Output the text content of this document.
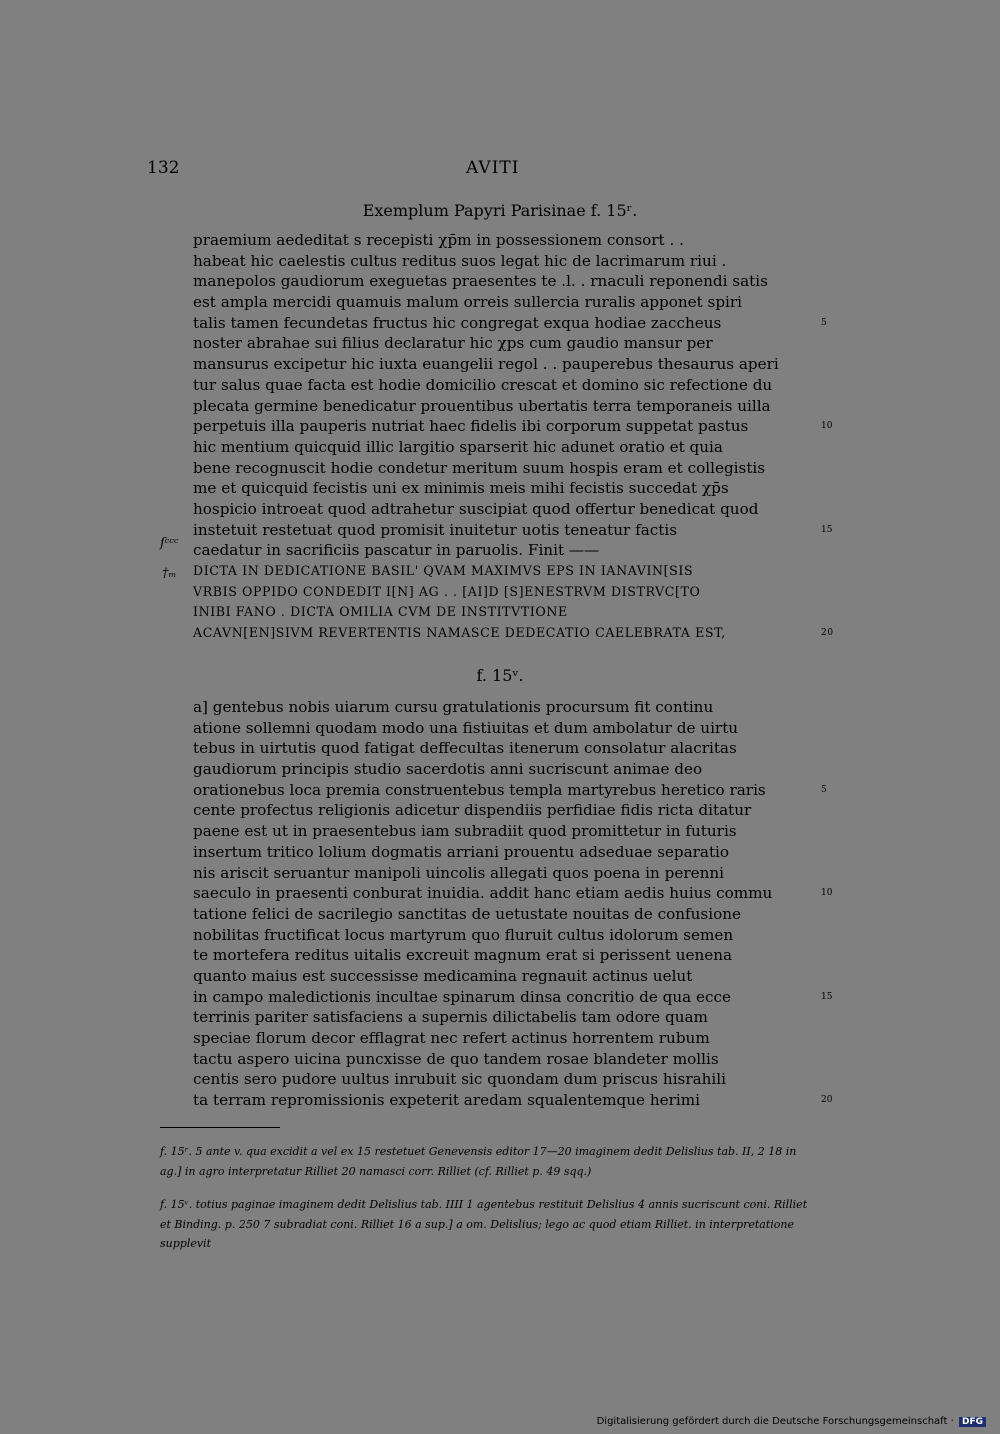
132	AVITI
Exemplum Papyri Parisinae f. 15ʳ.
praemium aededitat s recepisti χp̄m in possessionem consort . .
habeat hic caelestis cultus reditus suos legat hic de lacrimarum riui .
manepolos gaudiorum exeguetas praesentes te .l. . rnaculi reponendi satis
est ampla mercidi quamuis malum orreis sullercia ruralis apponet spiri
talis tamen fecundetas fructus hic congregat exqua hodiae zaccheus	5
noster abrahae sui filius declaratur hic χps cum gaudio mansur per
mansurus excipetur hic iuxta euangelii regol . . pauperebus thesaurus aperi
tur salus quae facta est hodie domicilio crescat et domino sic refectione du
plecata germine benedicatur prouentibus ubertatis terra temporaneis uilla
perpetuis illa pauperis nutriat haec fidelis ibi corporum suppetat pastus	10
hic mentium quicquid illic largitio sparserit hic adunet oratio et quia
bene recognuscit hodie condetur meritum suum hospis eram et collegistis
me et quicquid fecistis uni ex minimis meis mihi fecistis succedat χp̄s
hospicio introeat quod adtrahetur suscipiat quod offertur benedicat quod
instetuit restetuat quod promisit inuitetur uotis teneatur factis	15
caedatur in sacrificiis pascatur in paruolis. Finit ——
DICTA IN DEDICATIONE BASIL' QVAM MAXIMVS EPS IN IANAVIN[SIS
VRBIS OPPIDO CONDEDIT I[N] AG . . [AI]D [S]ENESTRVM DISTRVC[TO
INIBI FANO . DICTA OMILIA CVM DE INSTITVTIONE
ACAVN[EN]SIVM REVERTENTIS NAMASCE DEDECATIO CAELEBRATA EST,	20
ſᶜᶜᶜ
†ₘ
f. 15ᵛ.
a] gentebus nobis uiarum cursu gratulationis procursum fit continu
atione sollemni quodam modo una fistiuitas et dum ambolatur de uirtu
tebus in uirtutis quod fatigat deffecultas itenerum consolatur alacritas
gaudiorum principis studio sacerdotis anni sucriscunt animae deo
orationebus loca premia construentebus templa martyrebus heretico raris	5
cente profectus religionis adicetur dispendiis perfidiae fidis ricta ditatur
paene est ut in praesentebus iam subradiit quod promittetur in futuris
insertum tritico lolium dogmatis arriani prouentu adseduae separatio
nis ariscit seruantur manipoli uincolis allegati quos poena in perenni
saeculo in praesenti conburat inuidia. addit hanc etiam aedis huius commu	10
tatione felici de sacrilegio sanctitas de uetustate nouitas de confusione
nobilitas fructificat locus martyrum quo fluruit cultus idolorum semen
te mortefera reditus uitalis excreuit magnum erat si perissent uenena
quanto maius est successisse medicamina regnauit actinus uelut
in campo maledictionis incultae spinarum dinsa concritio de qua ecce	15
terrinis pariter satisfaciens a supernis dilictabelis tam odore quam
speciae florum decor efflagrat nec refert actinus horrentem rubum
tactu aspero uicina puncxisse de quo tandem rosae blandeter mollis
centis sero pudore uultus inrubuit sic quondam dum priscus hisrahili
ta terram repromissionis expeterit aredam squalentemque herimi	20

f. 15ʳ. 5 ante v. qua excidit a vel ex 15 restetuet Genevensis editor 17—20 imaginem dedit Delislius tab. II, 2 18 in ag.] in agro interpretatur Rilliet 20 namasci corr. Rilliet (cf. Rilliet p. 49 sqq.)

f. 15ᵛ. totius paginae imaginem dedit Delislius tab. IIII 1 agentebus restituit Delislius 4 annis sucriscunt coni. Rilliet et Binding. p. 250 7 subradiat coni. Rilliet 16 a sup.] a om. Delislius; lego ac quod etiam Rilliet. in interpretatione supplevit

Digitalisierung gefördert durch die Deutsche Forschungsgemeinschaft · DFG
